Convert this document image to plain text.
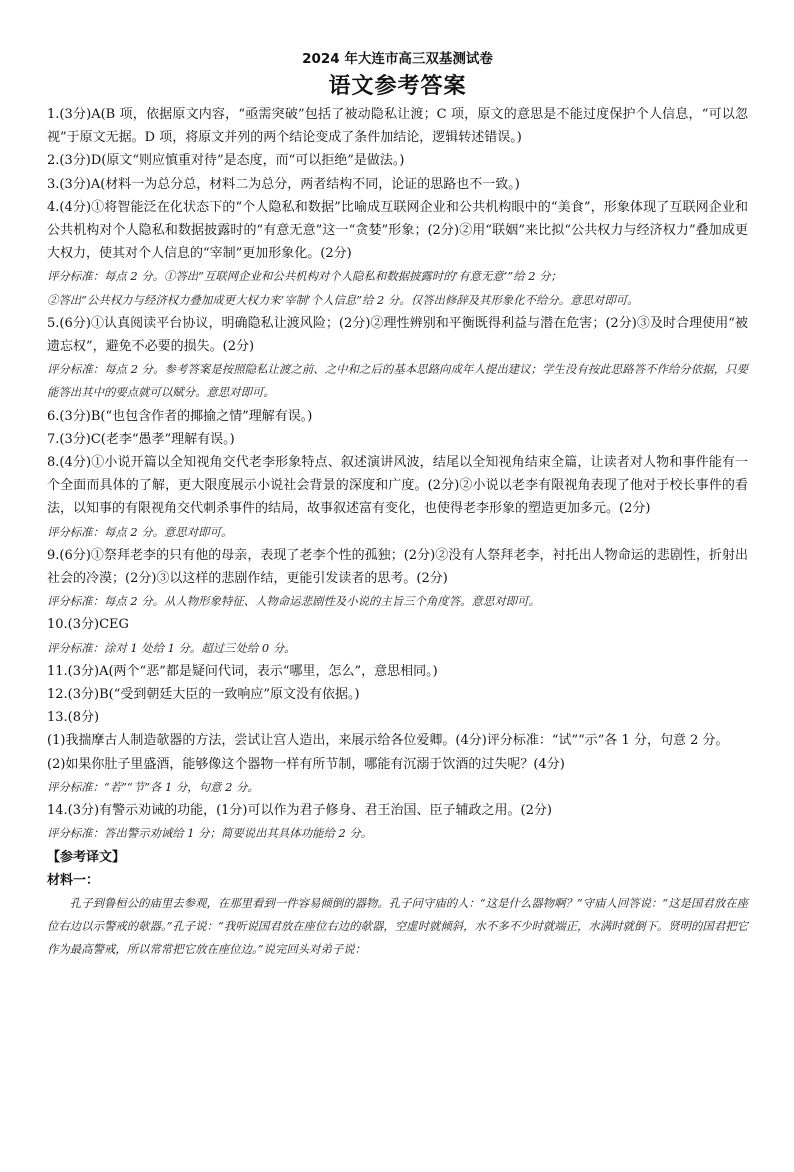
2024 年大连市高三双基测试卷
语文参考答案

1.(3分)A(B 项，依据原文内容，“亟需突破”包括了被动隐私让渡；C 项，原文的意思是不能过度保护个人信息，“可以忽视”于原文无据。D 项，将原文并列的两个结论变成了条件加结论，逻辑转述错误。)

2.(3分)D(原文“则应慎重对待”是态度，而“可以拒绝”是做法。)

3.(3分)A(材料一为总分总，材料二为总分，两者结构不同，论证的思路也不一致。)

4.(4分)①将智能泛在化状态下的“个人隐私和数据”比喻成互联网企业和公共机构眼中的“美食”，形象体现了互联网企业和公共机构对个人隐私和数据披露时的“有意无意”这一“贪婪”形象；(2分)②用“联姻”来比拟“公共权力与经济权力”叠加成更大权力，使其对个人信息的“宰制”更加形象化。(2分)

评分标准：每点 2 分。①答出“互联网企业和公共机构对个人隐私和数据披露时的‘有意无意’”给 2 分；

②答出“公共权力与经济权力叠加成更大权力来‘宰制’个人信息”给 2 分。仅答出修辞及其形象化不给分。意思对即可。

5.(6分)①认真阅读平台协议，明确隐私让渡风险；(2分)②理性辨别和平衡既得利益与潜在危害；(2分)③及时合理使用“被遗忘权”，避免不必要的损失。(2分)

评分标准：每点 2 分。参考答案是按照隐私让渡之前、之中和之后的基本思路向成年人提出建议；学生没有按此思路答不作给分依据，只要能答出其中的要点就可以赋分。意思对即可。

6.(3分)B(“也包含作者的揶揄之情”理解有误。)

7.(3分)C(老李“愚孝”理解有误。)

8.(4分)①小说开篇以全知视角交代老李形象特点、叙述演讲风波，结尾以全知视角结束全篇，让读者对人物和事件能有一个全面而具体的了解，更大限度展示小说社会背景的深度和广度。(2分)②小说以老李有限视角表现了他对于校长事件的看法，以知事的有限视角交代刺杀事件的结局，故事叙述富有变化，也使得老李形象的塑造更加多元。(2分)

评分标准：每点 2 分。意思对即可。

9.(6分)①祭拜老李的只有他的母亲，表现了老李个性的孤独；(2分)②没有人祭拜老李，衬托出人物命运的悲剧性，折射出社会的冷漠；(2分)③以这样的悲剧作结，更能引发读者的思考。(2分)

评分标准：每点 2 分。从人物形象特征、人物命运悲剧性及小说的主旨三个角度答。意思对即可。

10.(3分)CEG

评分标准：涂对 1 处给 1 分。超过三处给 0 分。

11.(3分)A(两个“恶”都是疑问代词，表示“哪里，怎么”，意思相同。)

12.(3分)B(“受到朝廷大臣的一致响应”原文没有依据。)

13.(8分)

(1)我揣摩古人制造欹器的方法，尝试让宫人造出，来展示给各位爱卿。(4分)评分标准：“试”“示”各 1 分，句意 2 分。

(2)如果你肚子里盛酒，能够像这个器物一样有所节制，哪能有沉溺于饮酒的过失呢？(4分)

评分标准：“若”“节”各 1 分，句意 2 分。

14.(3分)有警示劝诫的功能，(1分)可以作为君子修身、君王治国、臣子辅政之用。(2分)

评分标准：答出警示劝诫给 1 分；简要说出其具体功能给 2 分。

【参考译文】

材料一：

孔子到鲁桓公的庙里去参观，在那里看到一件容易倾倒的器物。孔子问守庙的人：“这是什么器物啊？”守庙人回答说：“这是国君放在座位右边以示警戒的欹器。”孔子说：“我听说国君放在座位右边的欹器，空虚时就倾斜，水不多不少时就端正，水满时就倒下。贤明的国君把它作为最高警戒，所以常常把它放在座位边。”说完回头对弟子说：
